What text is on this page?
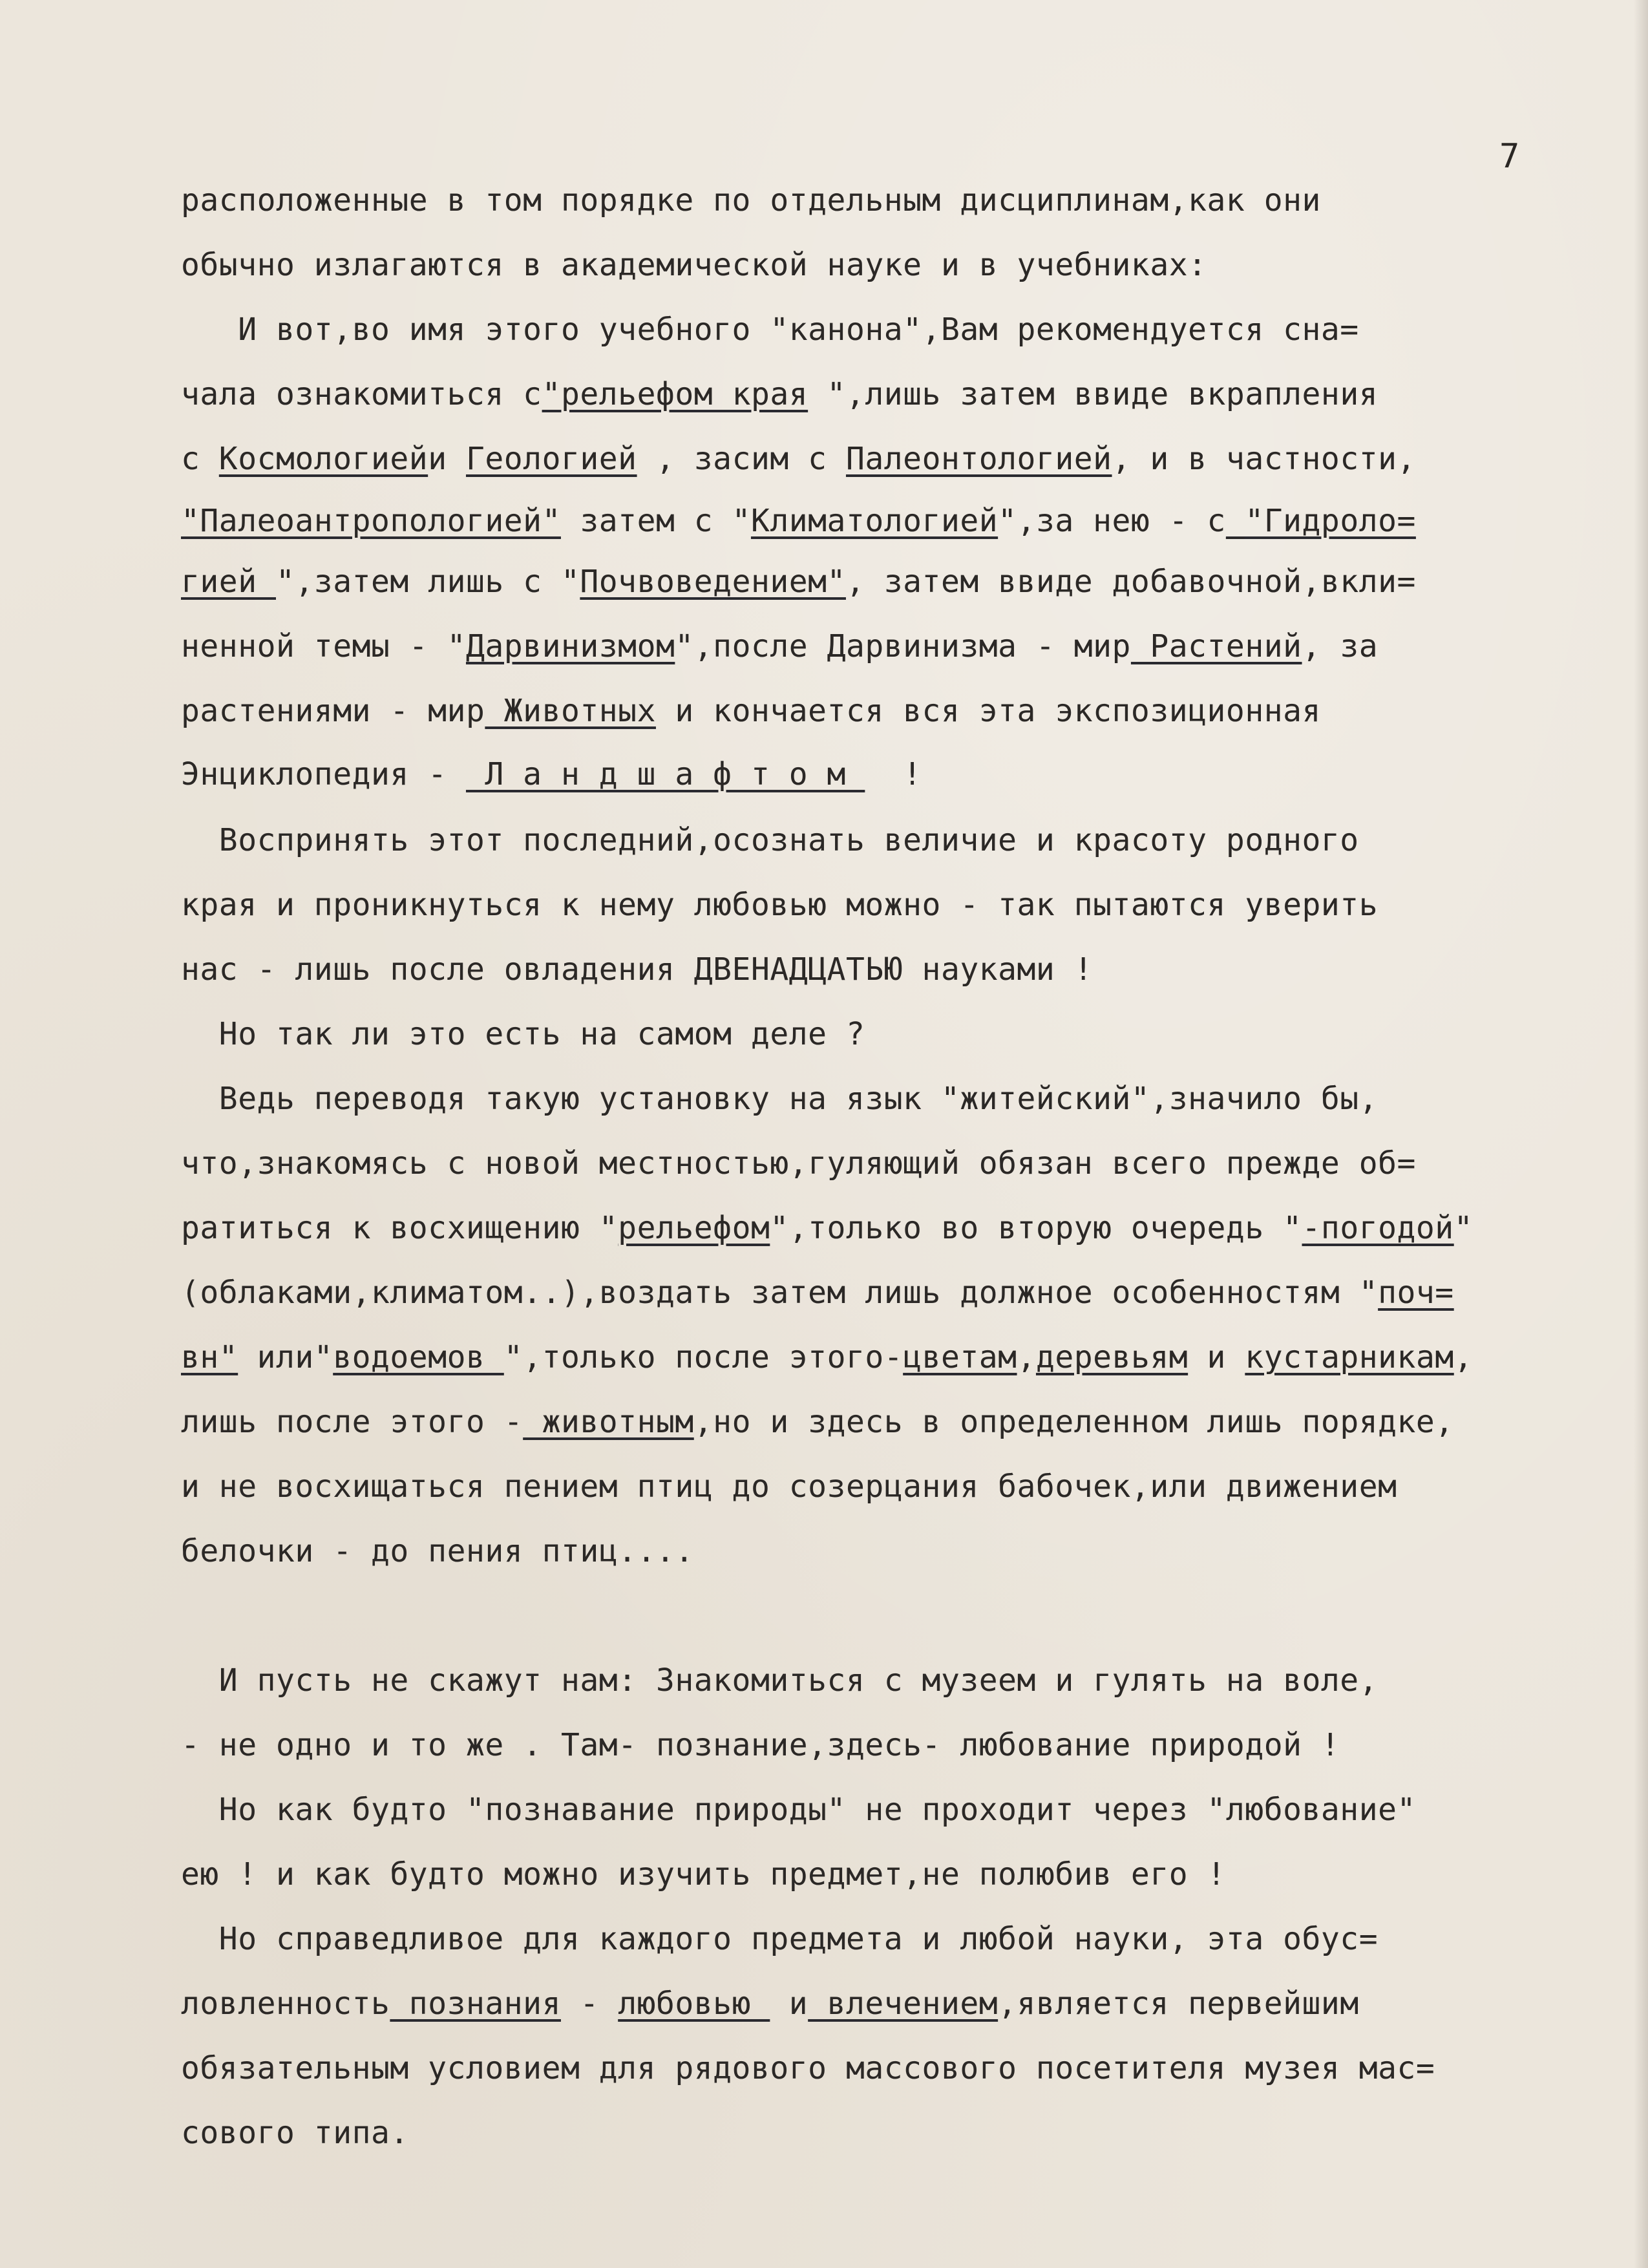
7
расположенные в том порядке по отдельным дисциплинам,как они
обычно излагаются в академической науке и в учебниках:
И вот,во имя этого учебного "канона",Вам рекомендуется сна=
чала ознакомиться с"рельефом края ",лишь затем ввиде вкрапления
с Космологиейи Геологией , засим с Палеонтологией, и в частности,
"Палеоантропологией" затем с "Климатологией",за нею - с_"Гидроло=
гией ",затем лишь с "Почвоведением", затем ввиде добавочной,вкли=
ненной темы - "Дарвинизмом",после Дарвинизма - мир Растений, за
растениями - мир Животных и кончается вся эта экспозиционная
Энциклопедия -  Л а н д ш а ф т о м   !
Воспринять этот последний,осознать величие и красоту родного
края и проникнуться к нему любовью можно - так пытаются уверить
нас - лишь после овладения ДВЕНАДЦАТЬЮ науками !
Но так ли это есть на самом деле ?
Ведь переводя такую установку на язык "житейский",значило бы,
что,знакомясь с новой местностью,гуляющий обязан всего прежде об=
ратиться к восхищению "рельефом",только во вторую очередь "-погодой"
(облаками,климатом..),воздать затем лишь должное особенностям "поч=
вн" или"водоемов ",только после этого-цветам,деревьям и кустарникам,
лишь после этого - животным,но и здесь в определенном лишь порядке,
и не восхищаться пением птиц до созерцания бабочек,или движением
белочки - до пения птиц....
И пусть не скажут нам: Знакомиться с музеем и гулять на воле,
- не одно и то же . Там- познание,здесь- любование природой !
Но как будто "познавание природы" не проходит через "любование"
ею ! и как будто можно изучить предмет,не полюбив его !
Но справедливое для каждого предмета и любой науки, эта обус=
ловленность познания - любовью  и влечением,является первейшим
обязательным условием для рядового массового посетителя музея мас=
сового типа.
